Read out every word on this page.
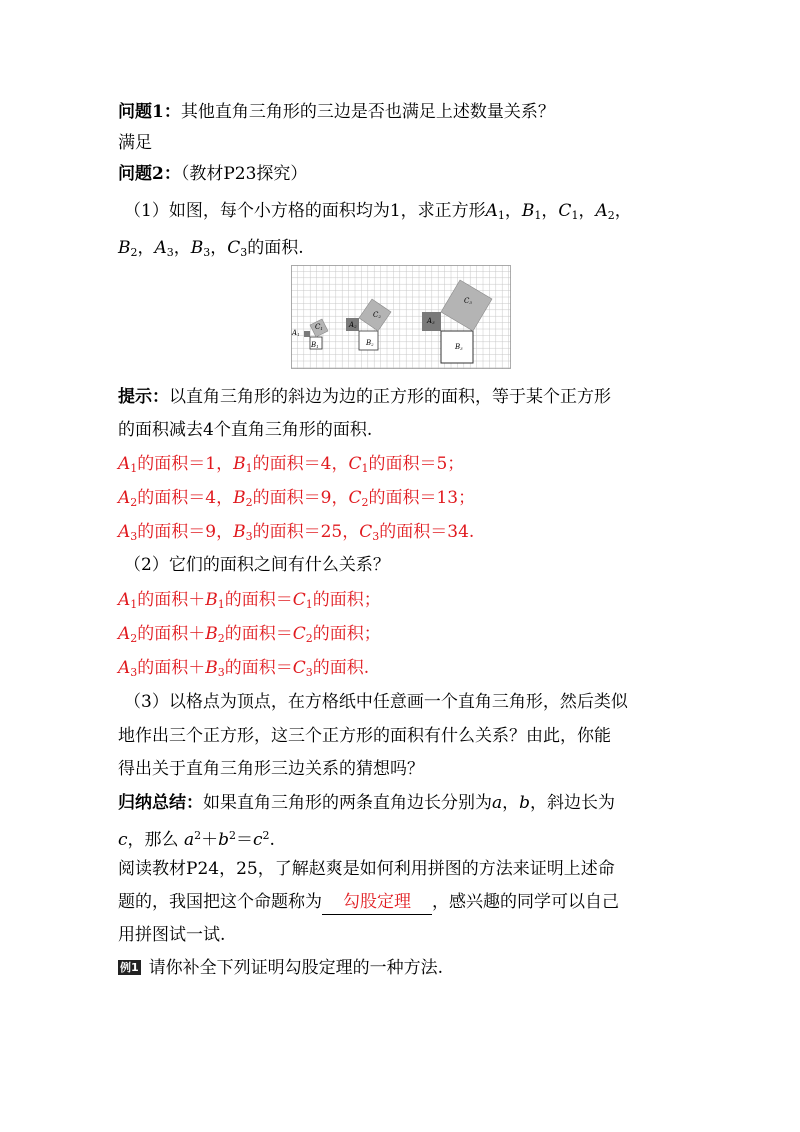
问题1：其他直角三角形的三边是否也满足上述数量关系？
满足
问题2：（教材P23探究）
（1）如图，每个小方格的面积均为1，求正方形$A_1$，$B_1$，$C_1$，$A_2$，
$B_2$，$A_3$，$B_3$，$C_3$的面积.
A1
B1
C1	A2
B2
C2
A3
B3
C3
提示：以直角三角形的斜边为边的正方形的面积，等于某个正方形
的面积减去4个直角三角形的面积.
$A_1$的面积＝1，$B_1$的面积＝4，$C_1$的面积＝5；
$A_2$的面积＝4，$B_2$的面积＝9，$C_2$的面积＝13；
$A_3$的面积＝9，$B_3$的面积＝25，$C_3$的面积＝34.
（2）它们的面积之间有什么关系？
$A_1$的面积$+B_1$的面积$=C_1$的面积；
$A_2$的面积$+B_2$的面积$=C_2$的面积；
$A_3$的面积$+B_3$的面积$=C_3$的面积.
（3）以格点为顶点，在方格纸中任意画一个直角三角形，然后类似
地作出三个正方形，这三个正方形的面积有什么关系？由此，你能
得出关于直角三角形三边关系的猜想吗？
归纳总结：如果直角三角形的两条直角边长分别为a，b，斜边长为
c，那么 $a^2+b^2=c^2$.
阅读教材P24，25，了解赵爽是如何利用拼图的方法来证明上述命
题的，我国把这个命题称为 勾股定理 ，感兴趣的同学可以自己
用拼图试一试.
例1 请你补全下列证明勾股定理的一种方法.
